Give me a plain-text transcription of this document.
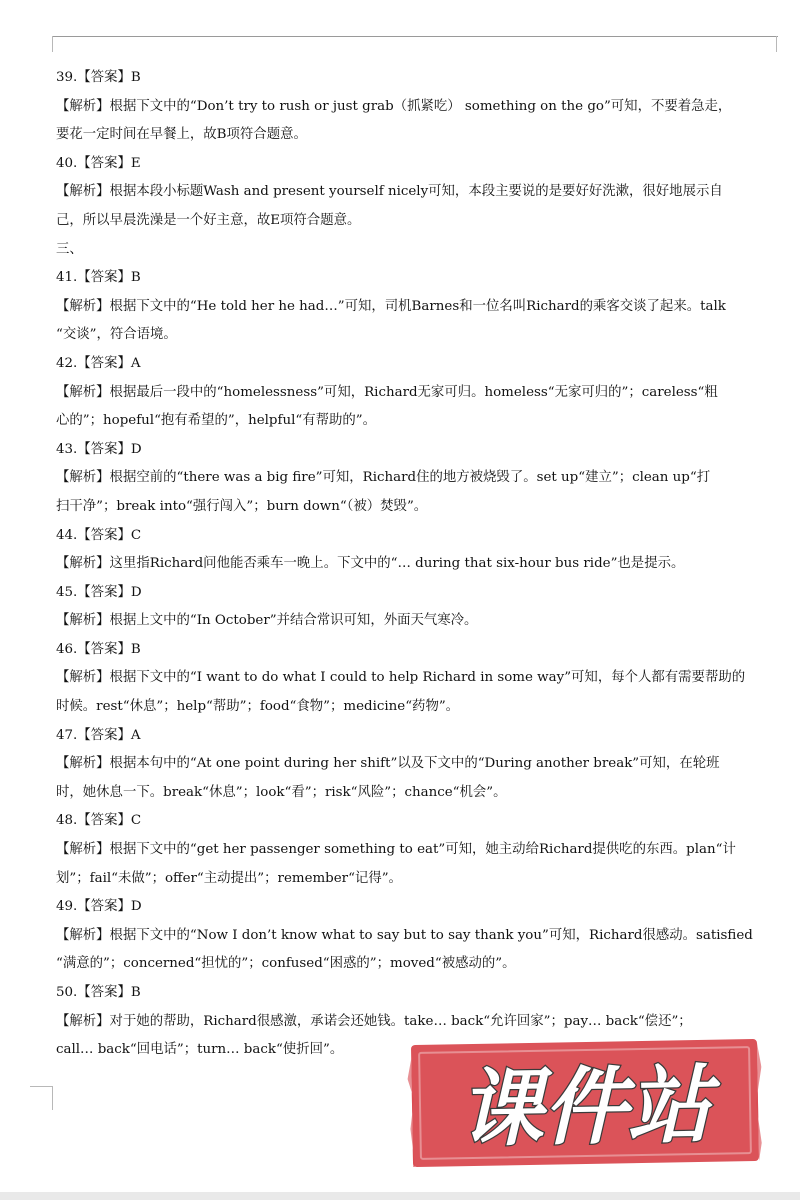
39.【答案】B
【解析】根据下文中的“Don’t try to rush or just grab（抓紧吃） something on the go”可知，不要着急走，
要花一定时间在早餐上，故B项符合题意。
40.【答案】E
【解析】根据本段小标题Wash and present yourself nicely可知，本段主要说的是要好好洗漱，很好地展示自
己，所以早晨洗澡是一个好主意，故E项符合题意。
三、
41.【答案】B
【解析】根据下文中的“He told her he had…”可知，司机Barnes和一位名叫Richard的乘客交谈了起来。talk
“交谈”，符合语境。
42.【答案】A
【解析】根据最后一段中的“homelessness”可知，Richard无家可归。homeless“无家可归的”；careless“粗
心的”；hopeful“抱有希望的”，helpful“有帮助的”。
43.【答案】D
【解析】根据空前的“there was a big fire”可知，Richard住的地方被烧毁了。set up“建立”；clean up“打
扫干净”；break into“强行闯入”；burn down“（被）焚毁”。
44.【答案】C
【解析】这里指Richard问他能否乘车一晚上。下文中的“… during that six-hour bus ride”也是提示。
45.【答案】D
【解析】根据上文中的“In October”并结合常识可知，外面天气寒冷。
46.【答案】B
【解析】根据下文中的“I want to do what I could to help Richard in some way”可知，每个人都有需要帮助的
时候。rest“休息”；help“帮助”；food“食物”；medicine“药物”。
47.【答案】A
【解析】根据本句中的“At one point during her shift”以及下文中的“During another break”可知，在轮班
时，她休息一下。break“休息”；look“看”；risk“风险”；chance“机会”。
48.【答案】C
【解析】根据下文中的“get her passenger something to eat”可知，她主动给Richard提供吃的东西。plan“计
划”；fail“未做”；offer“主动提出”；remember“记得”。
49.【答案】D
【解析】根据下文中的“Now I don’t know what to say but to say thank you”可知，Richard很感动。satisfied
“满意的”；concerned“担忧的”；confused“困惑的”；moved“被感动的”。
50.【答案】B
【解析】对于她的帮助，Richard很感激，承诺会还她钱。take… back“允许回家”；pay… back“偿还”；
call… back“回电话”；turn… back“使折回”。
课件站
